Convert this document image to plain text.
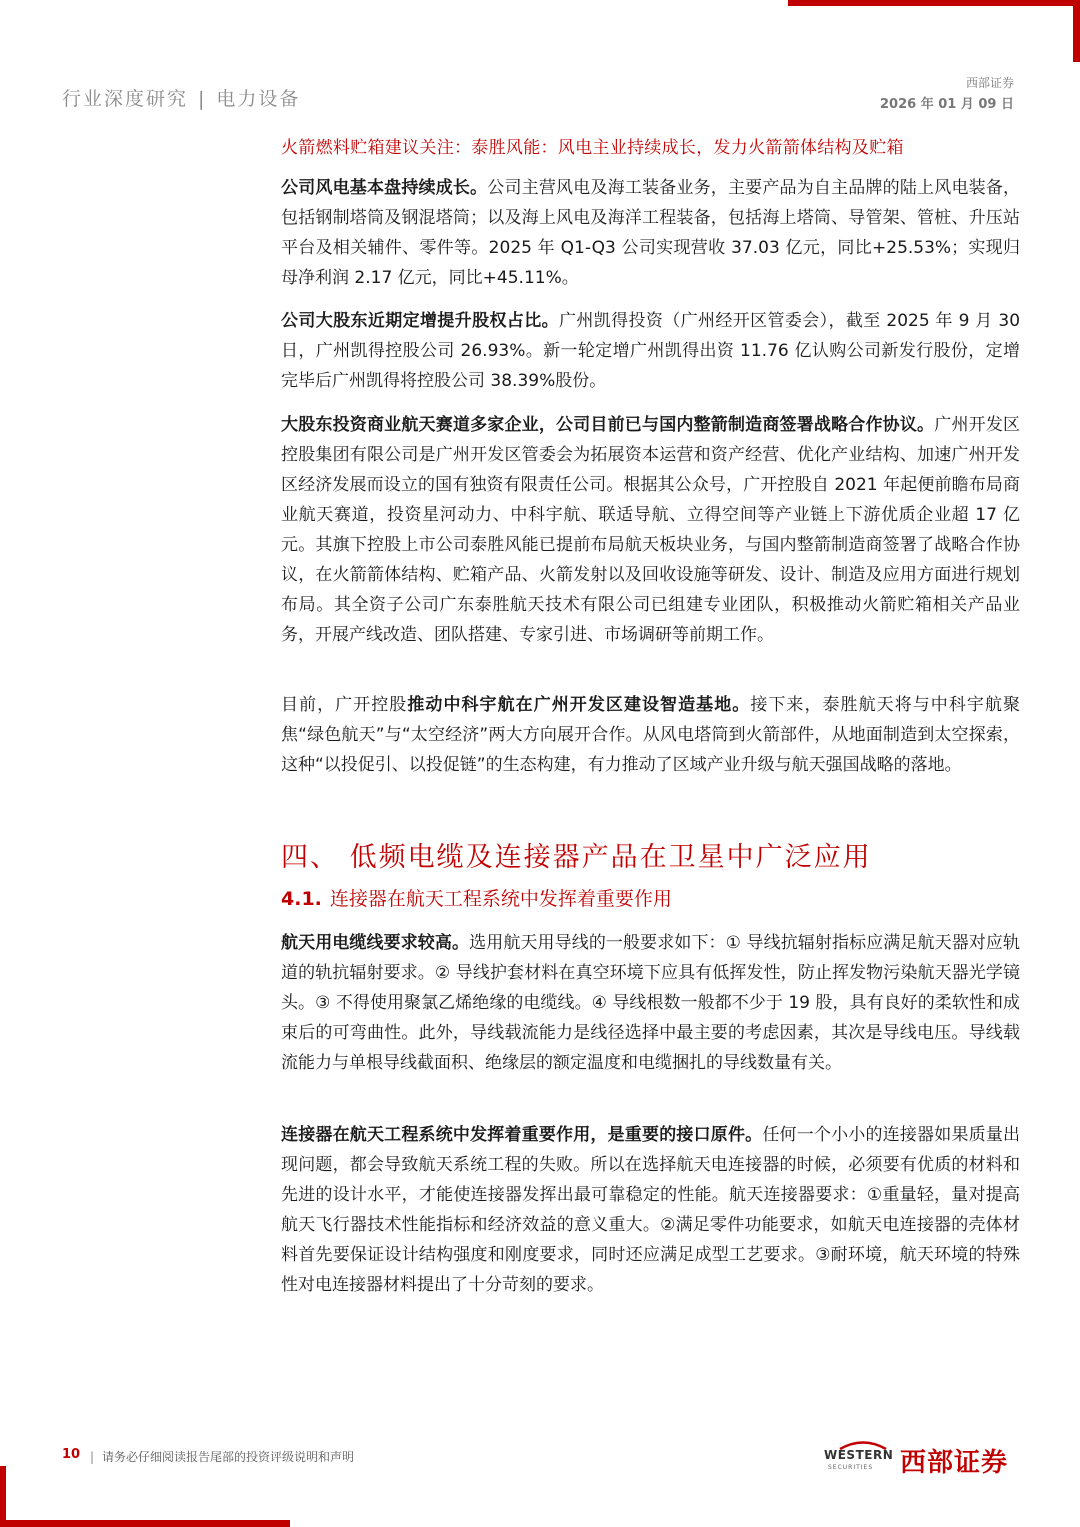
行业深度研究 | 电力设备
西部证券
2026 年 01 月 09 日
火箭燃料贮箱建议关注：泰胜风能：风电主业持续成长，发力火箭箭体结构及贮箱

公司风电基本盘持续成长。公司主营风电及海工装备业务，主要产品为自主品牌的陆上风电装备，包括钢制塔筒及钢混塔筒；以及海上风电及海洋工程装备，包括海上塔筒、导管架、管桩、升压站平台及相关辅件、零件等。2025 年 Q1-Q3 公司实现营收 37.03 亿元，同比+25.53%；实现归母净利润 2.17 亿元，同比+45.11%。

公司大股东近期定增提升股权占比。广州凯得投资（广州经开区管委会），截至 2025 年 9 月 30 日，广州凯得控股公司 26.93%。新一轮定增广州凯得出资 11.76 亿认购公司新发行股份，定增完毕后广州凯得将控股公司 38.39%股份。

大股东投资商业航天赛道多家企业，公司目前已与国内整箭制造商签署战略合作协议。广州开发区控股集团有限公司是广州开发区管委会为拓展资本运营和资产经营、优化产业结构、加速广州开发区经济发展而设立的国有独资有限责任公司。根据其公众号，广开控股自 2021 年起便前瞻布局商业航天赛道，投资星河动力、中科宇航、联适导航、立得空间等产业链上下游优质企业超 17 亿元。其旗下控股上市公司泰胜风能已提前布局航天板块业务，与国内整箭制造商签署了战略合作协议，在火箭箭体结构、贮箱产品、火箭发射以及回收设施等研发、设计、制造及应用方面进行规划布局。其全资子公司广东泰胜航天技术有限公司已组建专业团队，积极推动火箭贮箱相关产品业务，开展产线改造、团队搭建、专家引进、市场调研等前期工作。

目前，广开控股推动中科宇航在广州开发区建设智造基地。接下来，泰胜航天将与中科宇航聚焦“绿色航天”与“太空经济”两大方向展开合作。从风电塔筒到火箭部件，从地面制造到太空探索，这种“以投促引、以投促链”的生态构建，有力推动了区域产业升级与航天强国战略的落地。

四、 低频电缆及连接器产品在卫星中广泛应用
4.1. 连接器在航天工程系统中发挥着重要作用

航天用电缆线要求较高。选用航天用导线的一般要求如下：① 导线抗辐射指标应满足航天器对应轨道的轨抗辐射要求。② 导线护套材料在真空环境下应具有低挥发性，防止挥发物污染航天器光学镜头。③ 不得使用聚氯乙烯绝缘的电缆线。④ 导线根数一般都不少于 19 股，具有良好的柔软性和成束后的可弯曲性。此外，导线载流能力是线径选择中最主要的考虑因素，其次是导线电压。导线载流能力与单根导线截面积、绝缘层的额定温度和电缆捆扎的导线数量有关。

连接器在航天工程系统中发挥着重要作用，是重要的接口原件。任何一个小小的连接器如果质量出现问题，都会导致航天系统工程的失败。所以在选择航天电连接器的时候，必须要有优质的材料和先进的设计水平，才能使连接器发挥出最可靠稳定的性能。航天连接器要求：①重量轻，量对提高航天飞行器技术性能指标和经济效益的意义重大。②满足零件功能要求，如航天电连接器的壳体材料首先要保证设计结构强度和刚度要求，同时还应满足成型工艺要求。③耐环境，航天环境的特殊性对电连接器材料提出了十分苛刻的要求。

10 | 请务必仔细阅读报告尾部的投资评级说明和声明	WESTERN
SECURITIES 西部证券
